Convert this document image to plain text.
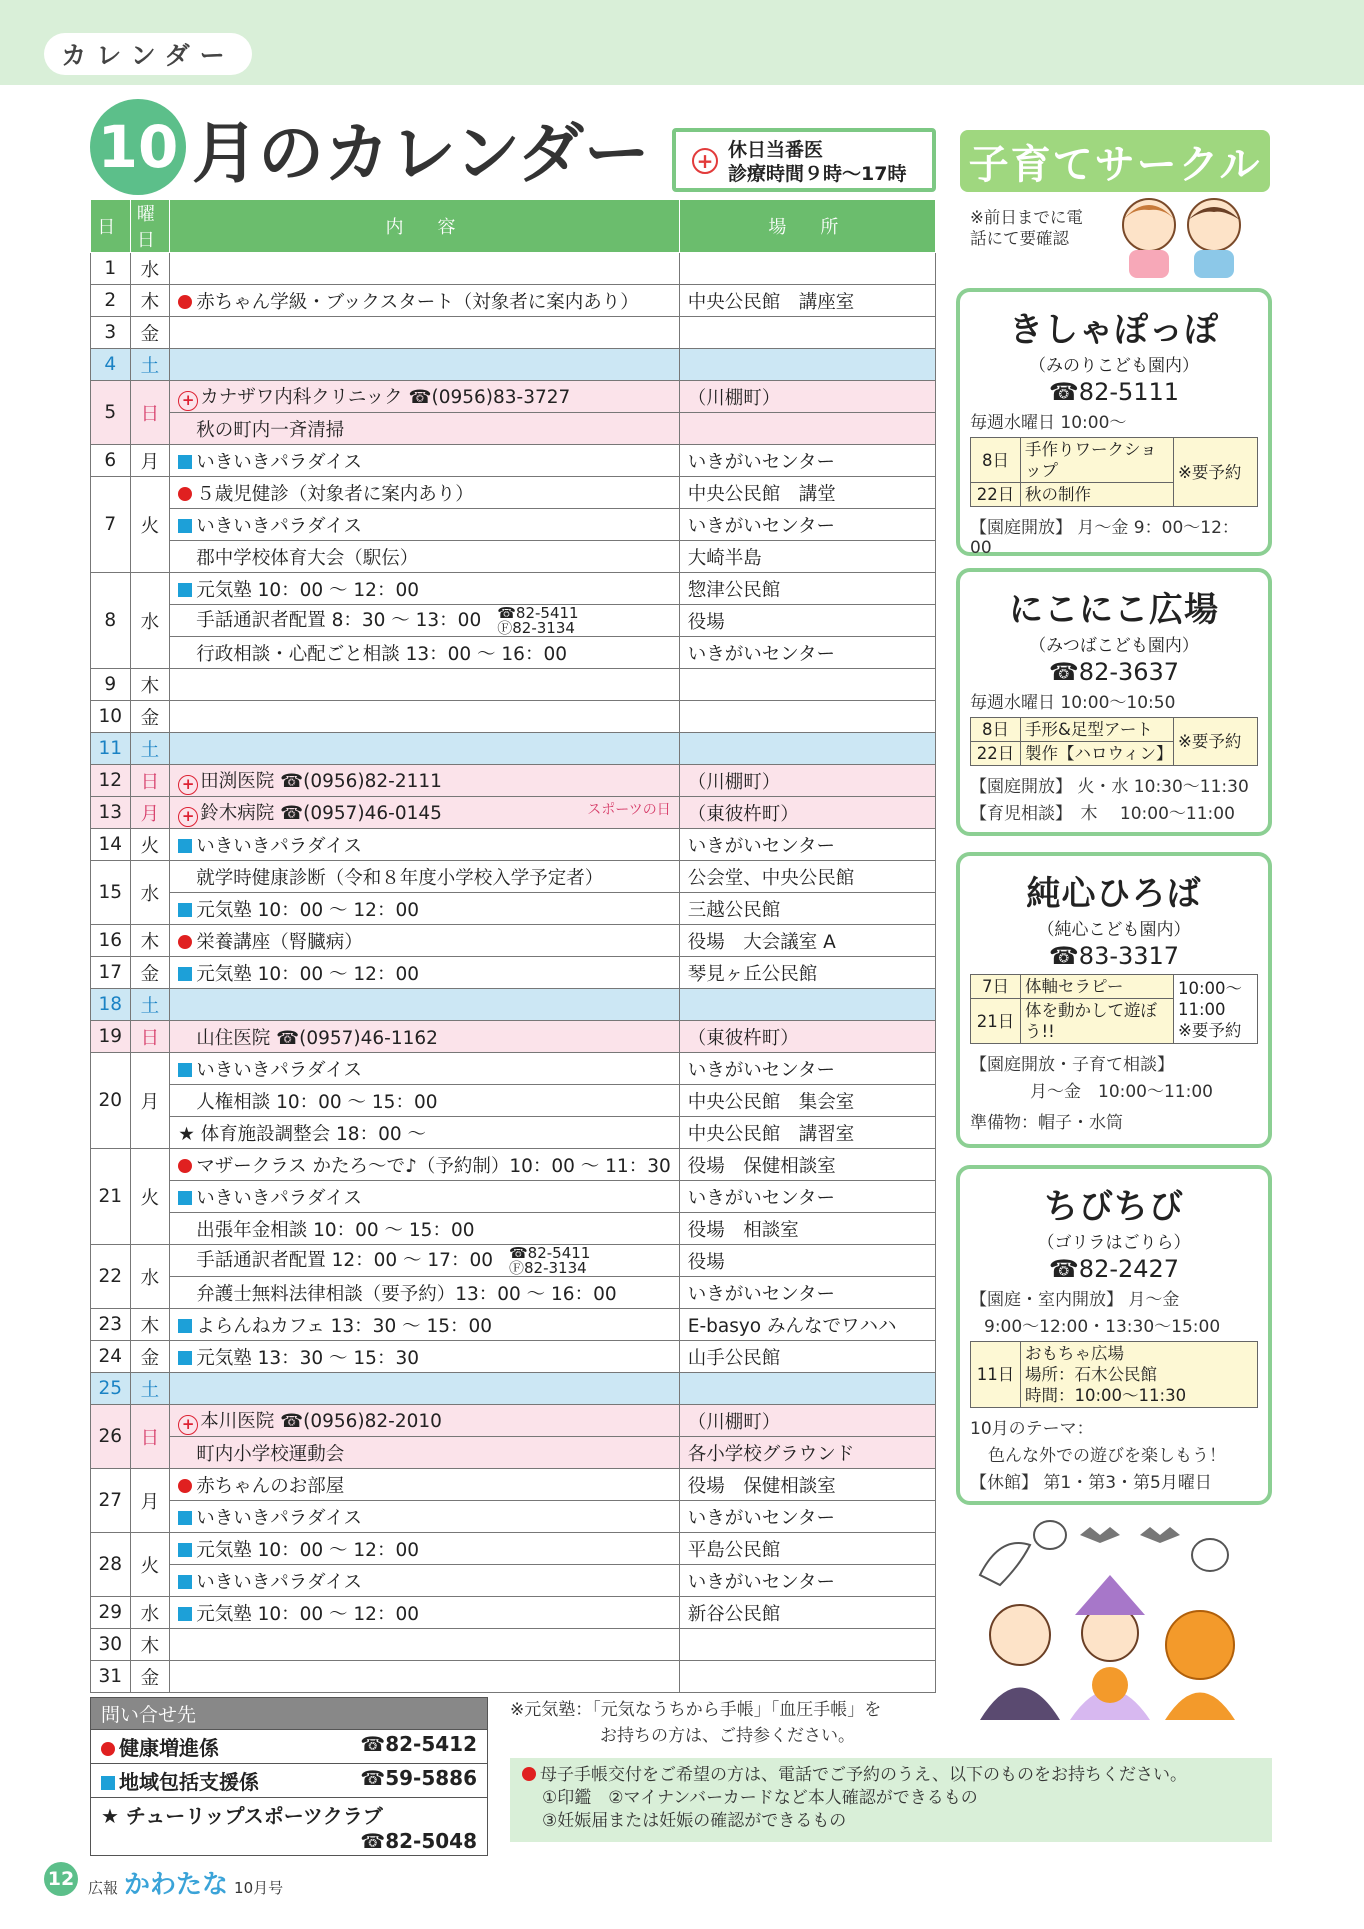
カレンダー
10 月のカレンダー + 休日当番医
診療時間９時〜17時
日	曜日	内　容	場　所
1	水		
2	木	赤ちゃん学級・ブックスタート（対象者に案内あり）	中央公民館　講座室
3	金		
4	土		
5	日	+ カナザワ内科クリニック ☎(0956)83-3727	（川棚町）
		秋の町内一斉清掃	
6	月	いきいきパラダイス	いきがいセンター
7	火	５歳児健診（対象者に案内あり）	中央公民館　講堂
		いきいきパラダイス	いきがいセンター
		郡中学校体育大会（駅伝）	大崎半島
8	水	元気塾 10：00 〜 12：00	惣津公民館
		手話通訳者配置 8：30 〜 13：00 ☎82-5411 Ⓕ82-3134	役場
		行政相談・心配ごと相談 13：00 〜 16：00	いきがいセンター
9	木		
10	金		
11	土		
12	日	+ 田渕医院 ☎(0956)82-2111	（川棚町）
13	月	+ 鈴木病院 ☎(0957)46-0145 スポーツの日	（東彼杵町）
14	火	いきいきパラダイス	いきがいセンター
15	水	就学時健康診断（令和８年度小学校入学予定者）	公会堂、中央公民館
		元気塾 10：00 〜 12：00	三越公民館
16	木	栄養講座（腎臓病）	役場　大会議室 A
17	金	元気塾 10：00 〜 12：00	琴見ヶ丘公民館
18	土		
19	日	山住医院 ☎(0957)46-1162	（東彼杵町）
20	月	いきいきパラダイス	いきがいセンター
		人権相談 10：00 〜 15：00	中央公民館　集会室
		★ 体育施設調整会 18：00 〜	中央公民館　講習室
21	火	マザークラス かたろ〜で♪（予約制）10：00 〜 11：30	役場　保健相談室
		いきいきパラダイス	いきがいセンター
		出張年金相談 10：00 〜 15：00	役場　相談室
22	水	手話通訳者配置 12：00 〜 17：00 ☎82-5411 Ⓕ82-3134	役場
		弁護士無料法律相談（要予約）13：00 〜 16：00	いきがいセンター
23	木	よらんねカフェ 13：30 〜 15：00	E-basyo みんなでワハハ
24	金	元気塾 13：30 〜 15：30	山手公民館
25	土		
26	日	+ 本川医院 ☎(0956)82-2010	（川棚町）
		町内小学校運動会	各小学校グラウンド
27	月	赤ちゃんのお部屋	役場　保健相談室
		いきいきパラダイス	いきがいセンター
28	火	元気塾 10：00 〜 12：00	平島公民館
		いきいきパラダイス	いきがいセンター
29	水	元気塾 10：00 〜 12：00	新谷公民館
30	木		
31	金		
子育てサークル
※前日までに電話にて要確認
きしゃぽっぽ
（みのりこども園内）
☎82-5111
毎週水曜日 10:00〜
8日	手作りワークショップ	※要予約
22日	秋の制作	
【園庭開放】 月〜金 9：00〜12：00
にこにこ広場
（みつばこども園内）
☎82-3637
毎週水曜日 10:00〜10:50
8日	手形&足型アート	※要予約
22日	製作【ハロウィン】	
【園庭開放】 火・水 10:30〜11:30
【育児相談】　木　 10:00〜11:00
純心ひろば
（純心こども園内）
☎83-3317
7日	体軸セラピー	10:00〜11:00
※要予約
21日	体を動かして遊ぼう!!	
【園庭開放・子育て相談】
月〜金　10:00〜11:00
準備物：帽子・水筒
ちびちび
（ゴリラはごりら）
☎82-2427
【園庭・室内開放】 月〜金
9:00〜12:00・13:30〜15:00
11日	おもちゃ広場
場所：石木公民館
時間：10:00〜11:30
10月のテーマ：
色んな外での遊びを楽しもう！
【休館】 第1・第3・第5月曜日
問い合せ先
健康増進係	☎82-5412
地域包括支援係	☎59-5886
★ チューリップスポーツクラブ
☎82-5048
※元気塾：「元気なうちから手帳」「血圧手帳」を
お持ちの方は、ご持参ください。
母子手帳交付をご希望の方は、電話でご予約のうえ、以下のものをお持ちください。
①印鑑　②マイナンバーカードなど本人確認ができるもの
③妊娠届または妊娠の確認ができるもの
12 広報 かわたな 10月号
